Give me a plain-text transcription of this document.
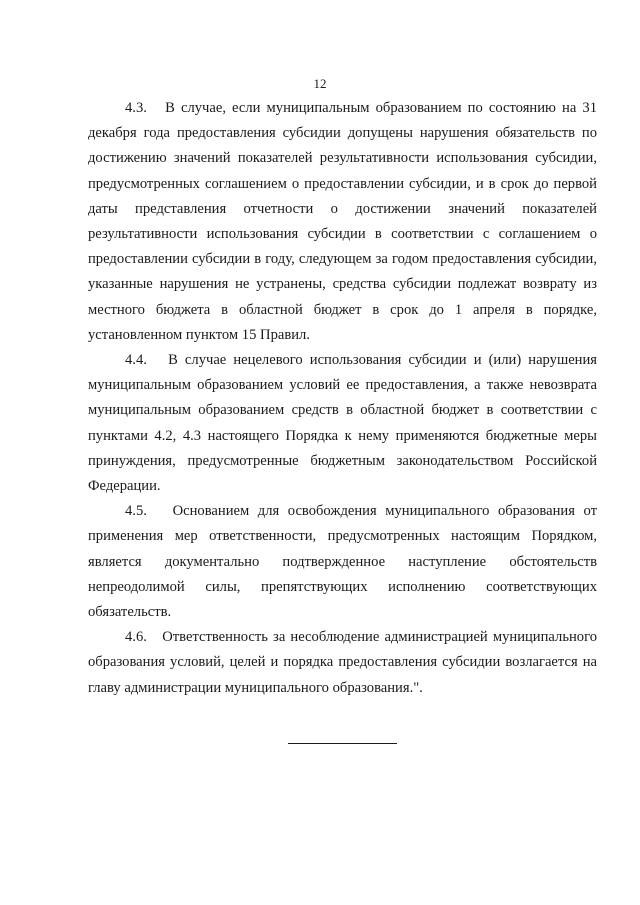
12

4.3. В случае, если муниципальным образованием по состоянию на 31 декабря года предоставления субсидии допущены нарушения обязательств по достижению значений показателей результативности использования субсидии, предусмотренных соглашением о предоставлении субсидии, и в срок до первой даты представления отчетности о достижении значений показателей результативности использования субсидии в соответствии с соглашением о предоставлении субсидии в году, следующем за годом предоставления субсидии, указанные нарушения не устранены, средства субсидии подлежат возврату из местного бюджета в областной бюджет в срок до 1 апреля в порядке, установленном пунктом 15 Правил.

4.4. В случае нецелевого использования субсидии и (или) нарушения муниципальным образованием условий ее предоставления, а также невозврата муниципальным образованием средств в областной бюджет в соответствии с пунктами 4.2, 4.3 настоящего Порядка к нему применяются бюджетные меры принуждения, предусмотренные бюджетным законодательством Российской Федерации.

4.5. Основанием для освобождения муниципального образования от применения мер ответственности, предусмотренных настоящим Порядком, является документально подтвержденное наступление обстоятельств непреодолимой силы, препятствующих исполнению соответствующих обязательств.

4.6. Ответственность за несоблюдение администрацией муниципального образования условий, целей и порядка предоставления субсидии возлагается на главу администрации муниципального образования.".
